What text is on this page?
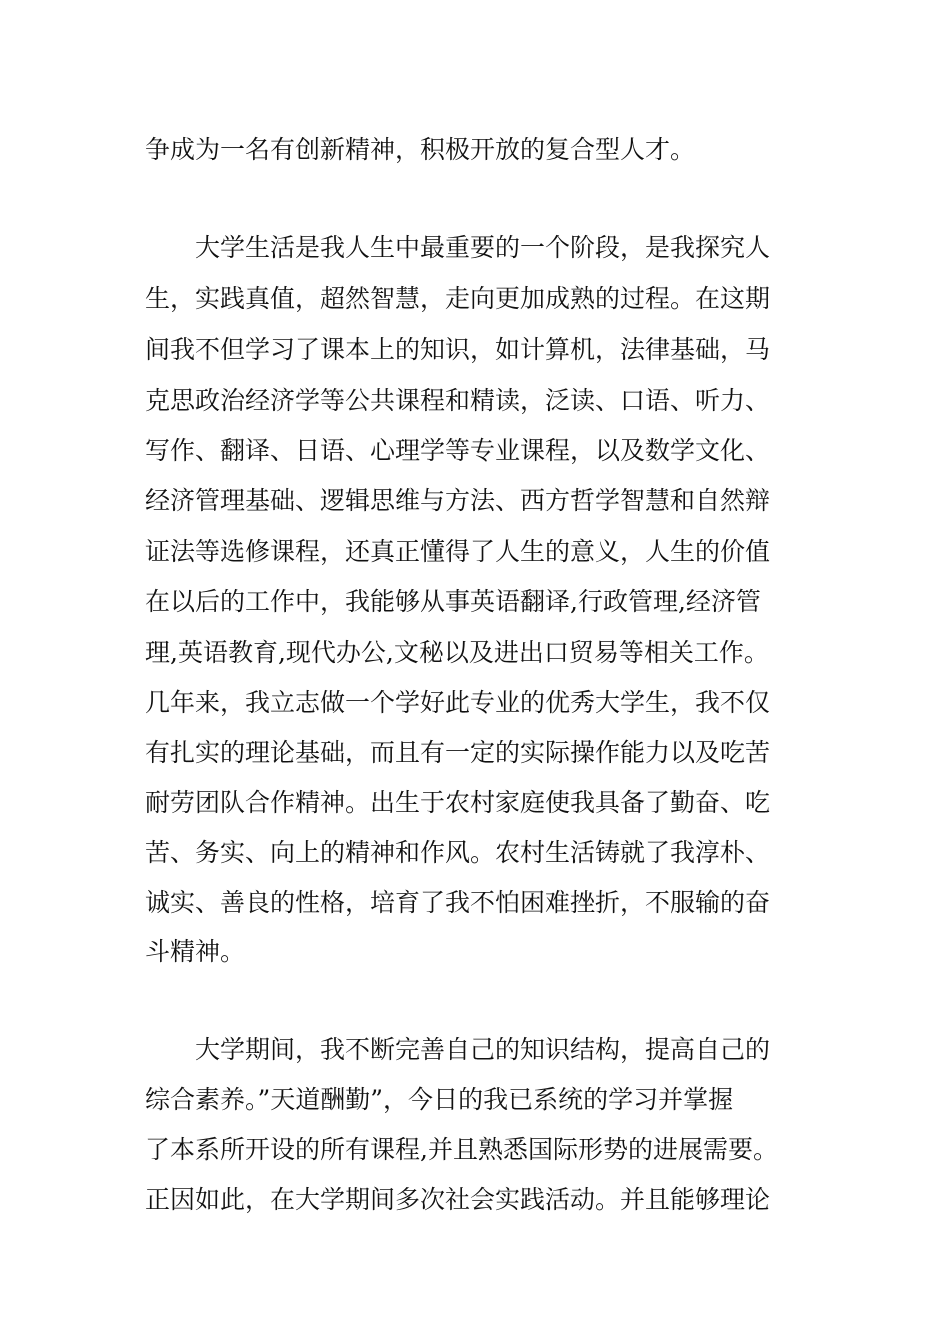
争成为一名有创新精神，积极开放的复合型人才。
大学生活是我人生中最重要的一个阶段，是我探究人
生，实践真值，超然智慧，走向更加成熟的过程。在这期
间我不但学习了课本上的知识，如计算机，法律基础，马
克思政治经济学等公共课程和精读，泛读、口语、听力、
写作、翻译、日语、心理学等专业课程，以及数学文化、
经济管理基础、逻辑思维与方法、西方哲学智慧和自然辩
证法等选修课程，还真正懂得了人生的意义，人生的价值
在以后的工作中，我能够从事英语翻译,行政管理,经济管
理,英语教育,现代办公,文秘以及进出口贸易等相关工作。
几年来，我立志做一个学好此专业的优秀大学生，我不仅
有扎实的理论基础，而且有一定的实际操作能力以及吃苦
耐劳团队合作精神。出生于农村家庭使我具备了勤奋、吃
苦、务实、向上的精神和作风。农村生活铸就了我淳朴、
诚实、善良的性格，培育了我不怕困难挫折，不服输的奋
斗精神。
大学期间，我不断完善自己的知识结构，提高自己的
综合素养。”天道酬勤”，今日的我已系统的学习并掌握
了本系所开设的所有课程,并且熟悉国际形势的进展需要。
正因如此，在大学期间多次社会实践活动。并且能够理论
